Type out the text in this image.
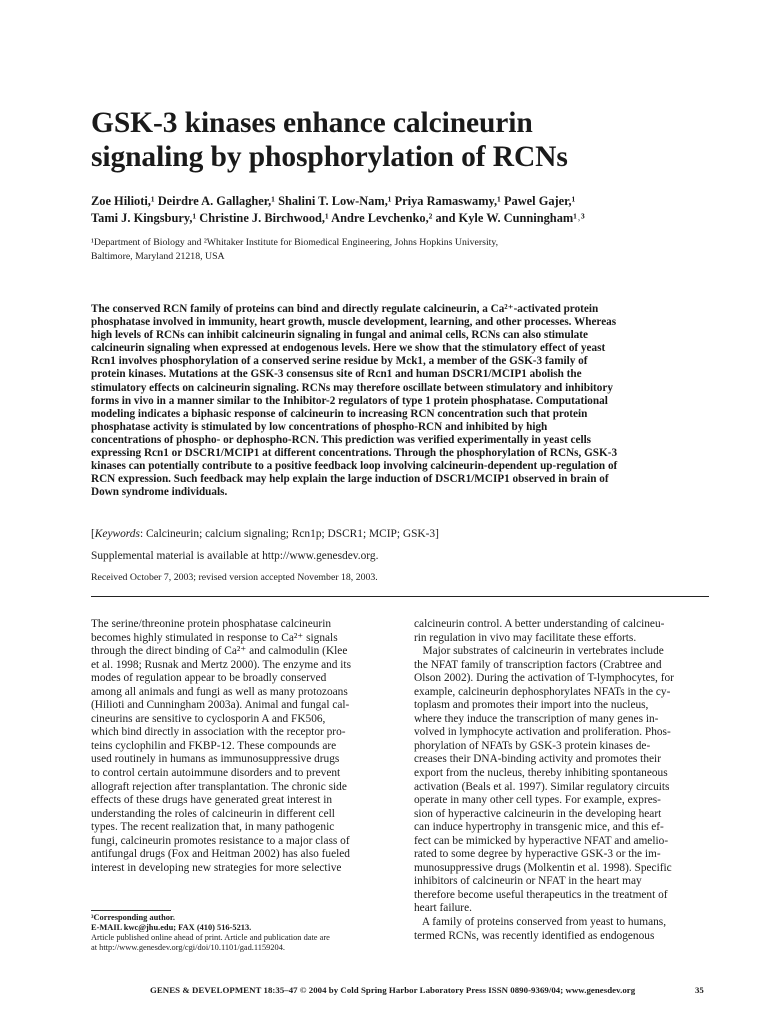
GSK-3 kinases enhance calcineurin
signaling by phosphorylation of RCNs
Zoe Hilioti,¹ Deirdre A. Gallagher,¹ Shalini T. Low-Nam,¹ Priya Ramaswamy,¹ Pawel Gajer,¹
Tami J. Kingsbury,¹ Christine J. Birchwood,¹ Andre Levchenko,² and Kyle W. Cunningham¹˒³
¹Department of Biology and ²Whitaker Institute for Biomedical Engineering, Johns Hopkins University,
Baltimore, Maryland 21218, USA
The conserved RCN family of proteins can bind and directly regulate calcineurin, a Ca²⁺-activated protein
phosphatase involved in immunity, heart growth, muscle development, learning, and other processes. Whereas
high levels of RCNs can inhibit calcineurin signaling in fungal and animal cells, RCNs can also stimulate
calcineurin signaling when expressed at endogenous levels. Here we show that the stimulatory effect of yeast
Rcn1 involves phosphorylation of a conserved serine residue by Mck1, a member of the GSK-3 family of
protein kinases. Mutations at the GSK-3 consensus site of Rcn1 and human DSCR1/MCIP1 abolish the
stimulatory effects on calcineurin signaling. RCNs may therefore oscillate between stimulatory and inhibitory
forms in vivo in a manner similar to the Inhibitor-2 regulators of type 1 protein phosphatase. Computational
modeling indicates a biphasic response of calcineurin to increasing RCN concentration such that protein
phosphatase activity is stimulated by low concentrations of phospho-RCN and inhibited by high
concentrations of phospho- or dephospho-RCN. This prediction was verified experimentally in yeast cells
expressing Rcn1 or DSCR1/MCIP1 at different concentrations. Through the phosphorylation of RCNs, GSK-3
kinases can potentially contribute to a positive feedback loop involving calcineurin-dependent up-regulation of
RCN expression. Such feedback may help explain the large induction of DSCR1/MCIP1 observed in brain of
Down syndrome individuals.
[Keywords: Calcineurin; calcium signaling; Rcn1p; DSCR1; MCIP; GSK-3]
Supplemental material is available at http://www.genesdev.org.
Received October 7, 2003; revised version accepted November 18, 2003.
The serine/threonine protein phosphatase calcineurin
becomes highly stimulated in response to Ca²⁺ signals
through the direct binding of Ca²⁺ and calmodulin (Klee
et al. 1998; Rusnak and Mertz 2000). The enzyme and its
modes of regulation appear to be broadly conserved
among all animals and fungi as well as many protozoans
(Hilioti and Cunningham 2003a). Animal and fungal cal-
cineurins are sensitive to cyclosporin A and FK506,
which bind directly in association with the receptor pro-
teins cyclophilin and FKBP-12. These compounds are
used routinely in humans as immunosuppressive drugs
to control certain autoimmune disorders and to prevent
allograft rejection after transplantation. The chronic side
effects of these drugs have generated great interest in
understanding the roles of calcineurin in different cell
types. The recent realization that, in many pathogenic
fungi, calcineurin promotes resistance to a major class of
antifungal drugs (Fox and Heitman 2002) has also fueled
interest in developing new strategies for more selective
calcineurin control. A better understanding of calcineu-
rin regulation in vivo may facilitate these efforts.
Major substrates of calcineurin in vertebrates include
the NFAT family of transcription factors (Crabtree and
Olson 2002). During the activation of T-lymphocytes, for
example, calcineurin dephosphorylates NFATs in the cy-
toplasm and promotes their import into the nucleus,
where they induce the transcription of many genes in-
volved in lymphocyte activation and proliferation. Phos-
phorylation of NFATs by GSK-3 protein kinases de-
creases their DNA-binding activity and promotes their
export from the nucleus, thereby inhibiting spontaneous
activation (Beals et al. 1997). Similar regulatory circuits
operate in many other cell types. For example, expres-
sion of hyperactive calcineurin in the developing heart
can induce hypertrophy in transgenic mice, and this ef-
fect can be mimicked by hyperactive NFAT and amelio-
rated to some degree by hyperactive GSK-3 or the im-
munosuppressive drugs (Molkentin et al. 1998). Specific
inhibitors of calcineurin or NFAT in the heart may
therefore become useful therapeutics in the treatment of
heart failure.
A family of proteins conserved from yeast to humans,
termed RCNs, was recently identified as endogenous
³Corresponding author.
E-MAIL kwc@jhu.edu; FAX (410) 516-5213.
Article published online ahead of print. Article and publication date are
at http://www.genesdev.org/cgi/doi/10.1101/gad.1159204.
GENES & DEVELOPMENT 18:35–47 © 2004 by Cold Spring Harbor Laboratory Press ISSN 0890-9369/04; www.genesdev.org	35
